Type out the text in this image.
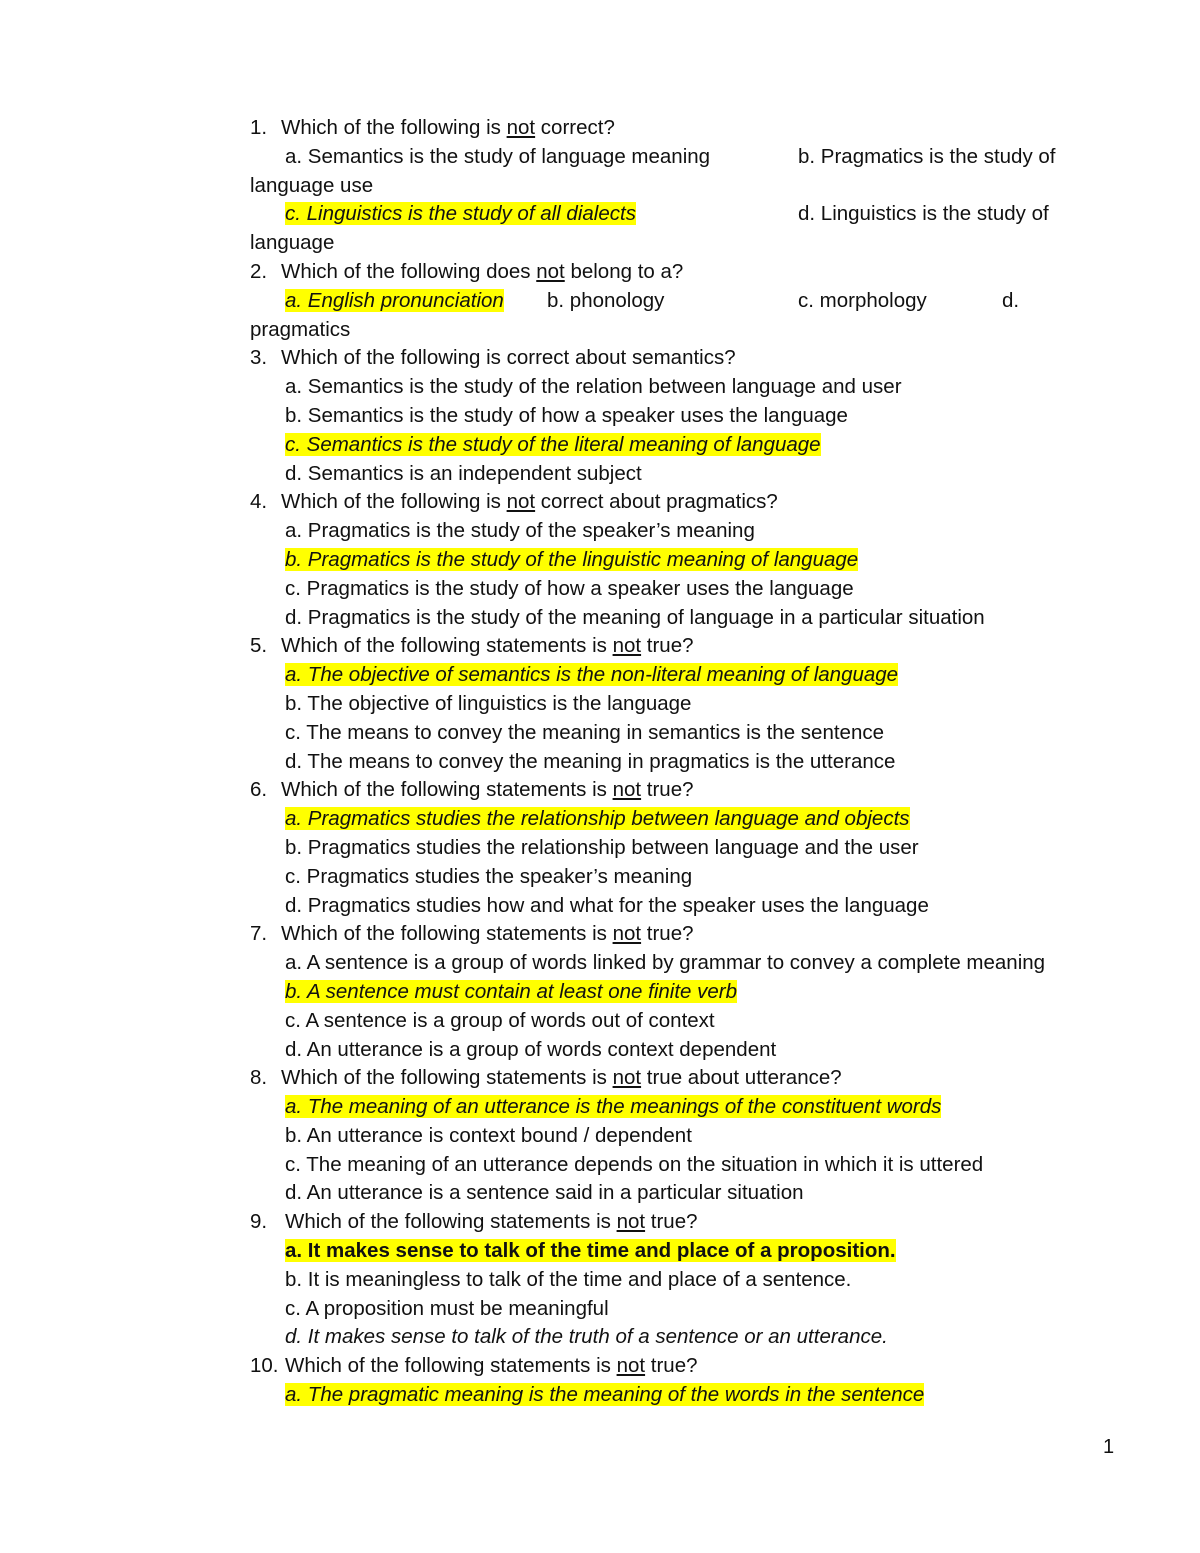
1. Which of the following is not correct?
a. Semantics is the study of language meaning	b. Pragmatics is the study of
language use
c. Linguistics is the study of all dialects	d. Linguistics is the study of
language
2. Which of the following does not belong to a?
a. English pronunciation b. phonology	c. morphology	d.
pragmatics
3. Which of the following is correct about semantics?
a. Semantics is the study of the relation between language and user
b. Semantics is the study of how a speaker uses the language
c. Semantics is the study of the literal meaning of language
d. Semantics is an independent subject
4. Which of the following is not correct about pragmatics?
a. Pragmatics is the study of the speaker’s meaning
b. Pragmatics is the study of the linguistic meaning of language
c. Pragmatics is the study of how a speaker uses the language
d. Pragmatics is the study of the meaning of language in a particular situation
5. Which of the following statements is not true?
a. The objective of semantics is the non-literal meaning of language
b. The objective of linguistics is the language
c. The means to convey the meaning in semantics is the sentence
d. The means to convey the meaning in pragmatics is the utterance
6. Which of the following statements is not true?
a. Pragmatics studies the relationship between language and objects
b. Pragmatics studies the relationship between language and the user
c. Pragmatics studies the speaker’s meaning
d. Pragmatics studies how and what for the speaker uses the language
7. Which of the following statements is not true?
a. A sentence is a group of words linked by grammar to convey a complete meaning
b. A sentence must contain at least one finite verb
c. A sentence is a group of words out of context
d. An utterance is a group of words context dependent
8. Which of the following statements is not true about utterance?
a. The meaning of an utterance is the meanings of the constituent words
b. An utterance is context bound / dependent
c. The meaning of an utterance depends on the situation in which it is uttered
d. An utterance is a sentence said in a particular situation
9. Which of the following statements is not true?
a. It makes sense to talk of the time and place of a proposition.
b. It is meaningless to talk of the time and place of a sentence.
c. A proposition must be meaningful
d. It makes sense to talk of the truth of a sentence or an utterance.
10. Which of the following statements is not true?
a. The pragmatic meaning is the meaning of the words in the sentence
1
